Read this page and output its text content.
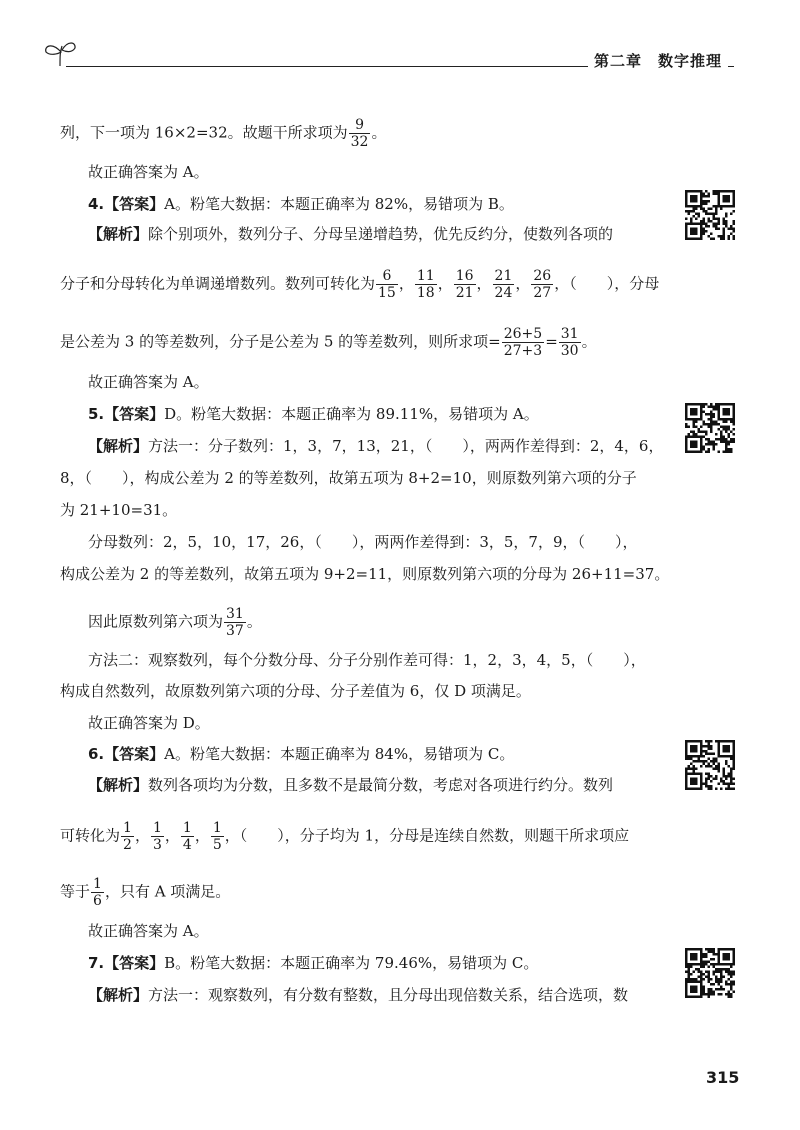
第二章　数字推理
列，下一项为 16×2=32。故题干所求项为 $\frac{9}{32}$ 。
故正确答案为 A。
4.【答案】A。粉笔大数据：本题正确率为 82%，易错项为 B。
【解析】除个别项外，数列分子、分母呈递增趋势，优先反约分，使数列各项的
分子和分母转化为单调递增数列。数列可转化为 $\frac{6}{15}$ ， $\frac{11}{18}$ ， $\frac{16}{21}$ ， $\frac{21}{24}$ ， $\frac{26}{27}$ ，（　　），分母
是公差为 3 的等差数列，分子是公差为 5 的等差数列，则所求项= $\frac{26+5}{27+3} = \frac{31}{30}$ 。
故正确答案为 A。
5.【答案】D。粉笔大数据：本题正确率为 89.11%，易错项为 A。
【解析】方法一：分子数列：1，3，7，13，21，（　　），两两作差得到：2，4，6，
8，（　　），构成公差为 2 的等差数列，故第五项为 8+2=10，则原数列第六项的分子
为 21+10=31。
分母数列：2，5，10，17，26，（　　），两两作差得到：3，5，7，9，（　　），
构成公差为 2 的等差数列，故第五项为 9+2=11，则原数列第六项的分母为 26+11=37。
因此原数列第六项为 $\frac{31}{37}$ 。
方法二：观察数列，每个分数分母、分子分别作差可得：1，2，3，4，5，（　　），
构成自然数列，故原数列第六项的分母、分子差值为 6，仅 D 项满足。
故正确答案为 D。
6.【答案】A。粉笔大数据：本题正确率为 84%，易错项为 C。
【解析】数列各项均为分数，且多数不是最简分数，考虑对各项进行约分。数列
可转化为 $\frac{1}{2}$ ， $\frac{1}{3}$ ， $\frac{1}{4}$ ， $\frac{1}{5}$ ，（　　），分子均为 1，分母是连续自然数，则题干所求项应
等于 $\frac{1}{6}$ ，只有 A 项满足。
故正确答案为 A。
7.【答案】B。粉笔大数据：本题正确率为 79.46%，易错项为 C。
【解析】方法一：观察数列，有分数有整数，且分母出现倍数关系，结合选项，数
315
